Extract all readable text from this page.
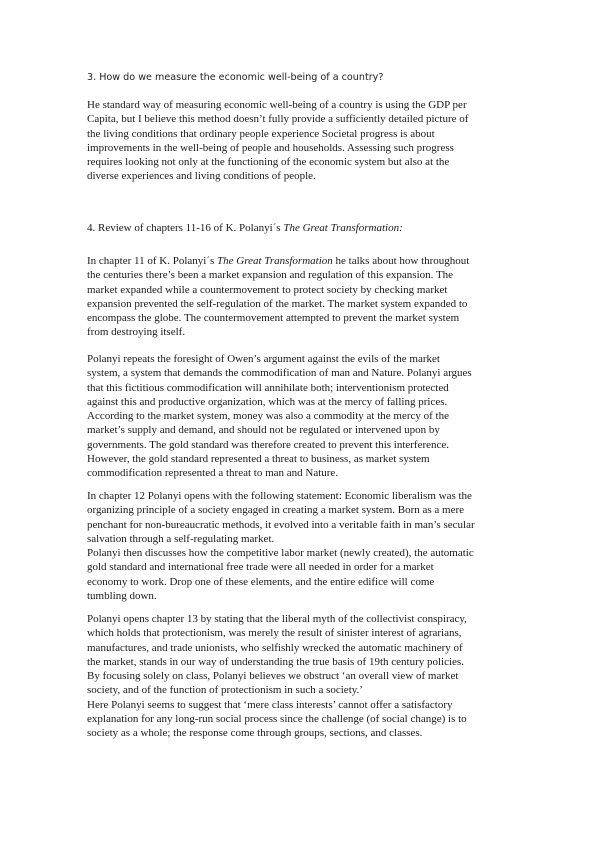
3. How do we measure the economic well-being of a country?
He standard way of measuring economic well-being of a country is using the GDP per
Capita, but I believe this method doesn’t fully provide a sufficiently detailed picture of
the living conditions that ordinary people experience Societal progress is about
improvements in the well-being of people and households. Assessing such progress
requires looking not only at the functioning of the economic system but also at the
diverse experiences and living conditions of people.
4. Review of chapters 11-16 of K. Polanyi´s The Great Transformation:
In chapter 11 of K. Polanyi´s The Great Transformation he talks about how throughout
the centuries there’s been a market expansion and regulation of this expansion. The
market expanded while a countermovement to protect society by checking market
expansion prevented the self-regulation of the market. The market system expanded to
encompass the globe. The countermovement attempted to prevent the market system
from destroying itself.
Polanyi repeats the foresight of Owen’s argument against the evils of the market
system, a system that demands the commodification of man and Nature. Polanyi argues
that this fictitious commodification will annihilate both; interventionism protected
against this and productive organization, which was at the mercy of falling prices.
According to the market system, money was also a commodity at the mercy of the
market’s supply and demand, and should not be regulated or intervened upon by
governments. The gold standard was therefore created to prevent this interference.
However, the gold standard represented a threat to business, as market system
commodification represented a threat to man and Nature.
In chapter 12 Polanyi opens with the following statement: Economic liberalism was the
organizing principle of a society engaged in creating a market system. Born as a mere
penchant for non-bureaucratic methods, it evolved into a veritable faith in man’s secular
salvation through a self-regulating market.
Polanyi then discusses how the competitive labor market (newly created), the automatic
gold standard and international free trade were all needed in order for a market
economy to work. Drop one of these elements, and the entire edifice will come
tumbling down.
Polanyi opens chapter 13 by stating that the liberal myth of the collectivist conspiracy,
which holds that protectionism, was merely the result of sinister interest of agrarians,
manufactures, and trade unionists, who selfishly wrecked the automatic machinery of
the market, stands in our way of understanding the true basis of 19th century policies.
By focusing solely on class, Polanyi believes we obstruct ‘an overall view of market
society, and of the function of protectionism in such a society.’
Here Polanyi seems to suggest that ‘mere class interests’ cannot offer a satisfactory
explanation for any long-run social process since the challenge (of social change) is to
society as a whole; the response come through groups, sections, and classes.
